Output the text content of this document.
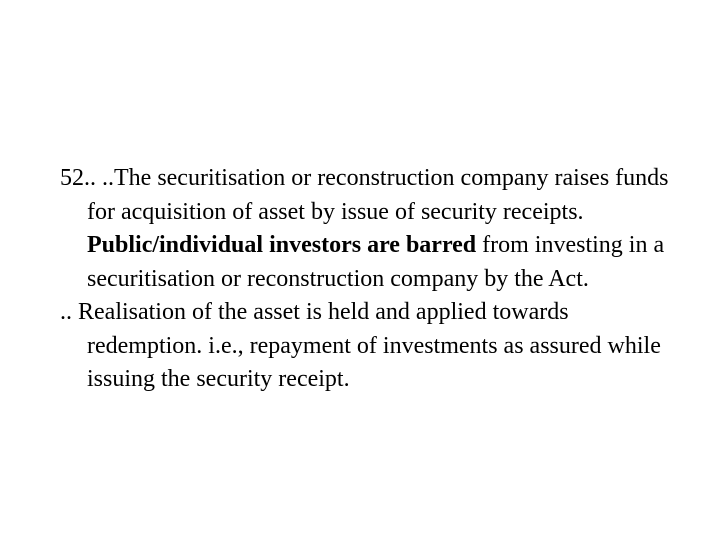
52.. ..The securitisation or reconstruction company raises funds for acquisition of asset by issue of security receipts. Public/individual investors are barred from investing in a securitisation or reconstruction company by the Act.

.. Realisation of the asset is held and applied towards redemption. i.e., repayment of investments as assured while issuing the security receipt.
